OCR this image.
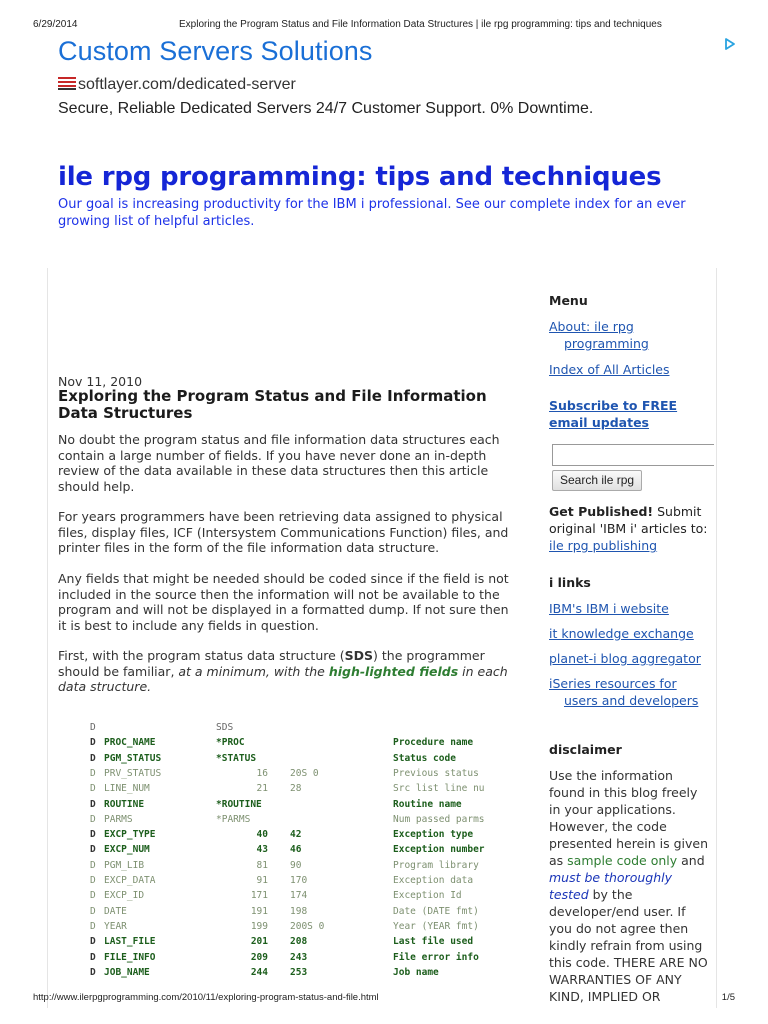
6/29/2014	Exploring the Program Status and File Information Data Structures | ile rpg programming: tips and techniques
Custom Servers Solutions
softlayer.com/dedicated-server
Secure, Reliable Dedicated Servers 24/7 Customer Support. 0% Downtime.
ile rpg programming: tips and techniques
Our goal is increasing productivity for the IBM i professional. See our complete index for an ever growing list of helpful articles.
Nov 11, 2010
Exploring the Program Status and File Information Data Structures
No doubt the program status and file information data structures each contain a large number of fields. If you have never done an in-depth review of the data available in these data structures then this article should help.
For years programmers have been retrieving data assigned to physical files, display files, ICF (Intersystem Communications Function) files, and printer files in the form of the file information data structure.
Any fields that might be needed should be coded since if the field is not included in the source then the information will not be available to the program and will not be displayed in a formatted dump. If not sure then it is best to include any fields in question.
First, with the program status data structure (SDS) the programmer should be familiar, at a minimum, with the high-lighted fields in each data structure.
D	SDS
D PROC_NAME	*PROC	Procedure name
D PGM_STATUS	*STATUS	Status code
D PRV_STATUS	16 20S 0	Previous status
D LINE_NUM	21 28	Src list line nu
D ROUTINE	*ROUTINE	Routine name
D PARMS	*PARMS	Num passed parms
D EXCP_TYPE	40 42	Exception type
D EXCP_NUM	43 46	Exception number
D PGM_LIB	81 90	Program library
D EXCP_DATA	91 170	Exception data
D EXCP_ID	171 174	Exception Id
D DATE	191 198	Date (DATE fmt)
D YEAR	199 200S 0	Year (YEAR fmt)
D LAST_FILE	201 208	Last file used
D FILE_INFO	209 243	File error info
D JOB_NAME	244 253	Job name
Menu
About: ile rpg
programming
Index of All Articles
Subscribe to FREE
email updates
Search ile rpg
Get Published! Submit original 'IBM i' articles to: ile rpg publishing
i links
IBM's IBM i website
it knowledge exchange
planet-i blog aggregator
iSeries resources for
users and developers
disclaimer
Use the information found in this blog freely in your applications. However, the code presented herein is given as sample code only and must be thoroughly tested by the developer/end user. If you do not agree then kindly refrain from using this code. THERE ARE NO WARRANTIES OF ANY KIND, IMPLIED OR
http://www.ilerpgprogramming.com/2010/11/exploring-program-status-and-file.html	1/5
